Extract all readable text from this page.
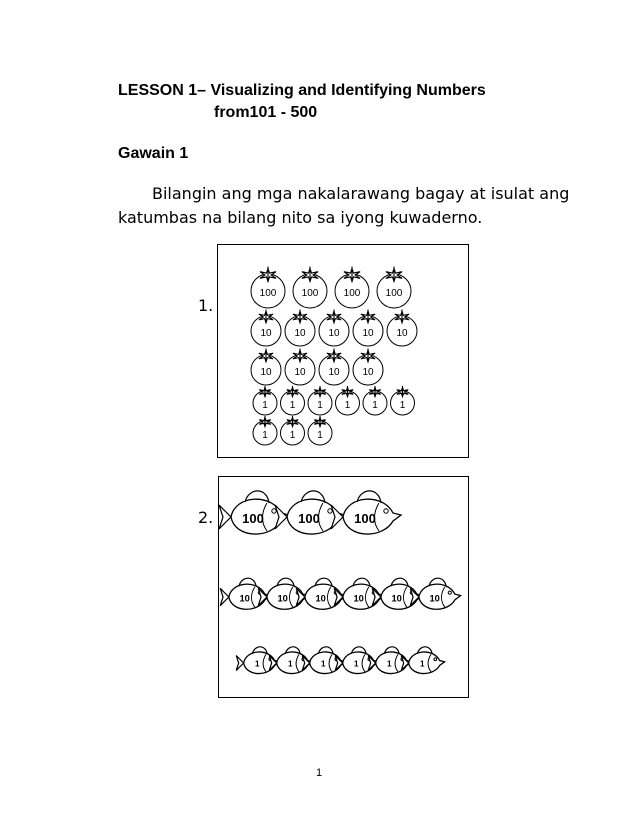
LESSON 1– Visualizing and Identifying Numbers
from101 - 500
Gawain 1
Bilangin ang mga nakalarawang bagay at isulat ang katumbas na bilang nito sa iyong kuwaderno.
1.
100	100	100	100
10 10 10 10 10
10 10 10 10
1 1 1 1 1 1
1 1 1
2. 100	100	100
10	10	10	10	10	10
1	1	1	1	1	1
1
